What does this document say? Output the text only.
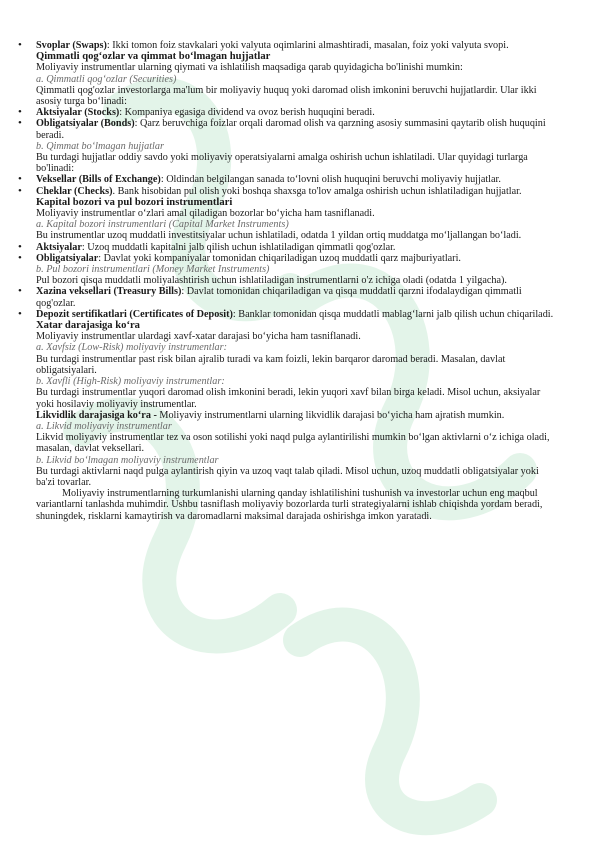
• Svoplar (Swaps): Ikki tomon foiz stavkalari yoki valyuta oqimlarini almashtiradi, masalan, foiz yoki valyuta svopi.
Qimmatli qog‘ozlar va qimmat bo‘lmagan hujjatlar
Moliyaviy instrumentlar ularning qiymati va ishlatilish maqsadiga qarab quyidagicha bo'linishi mumkin:
a. Qimmatli qog‘ozlar (Securities)
Qimmatli qog'ozlar investorlarga ma'lum bir moliyaviy huquq yoki daromad olish imkonini beruvchi hujjatlardir. Ular ikki asosiy turga bo‘linadi:
• Aktsiyalar (Stocks): Kompaniya egasiga dividend va ovoz berish huquqini beradi.
• Obligatsiyalar (Bonds): Qarz beruvchiga foizlar orqali daromad olish va qarzning asosiy summasini qaytarib olish huquqini beradi.
b. Qimmat bo‘lmagan hujjatlar
Bu turdagi hujjatlar oddiy savdo yoki moliyaviy operatsiyalarni amalga oshirish uchun ishlatiladi. Ular quyidagi turlarga bo'linadi:
• Veksellar (Bills of Exchange): Oldindan belgilangan sanada to‘lovni olish huquqini beruvchi moliyaviy hujjatlar.
• Cheklar (Checks). Bank hisobidan pul olish yoki boshqa shaxsga to'lov amalga oshirish uchun ishlatiladigan hujjatlar.
Kapital bozori va pul bozori instrumentlari
Moliyaviy instrumentlar o‘zlari amal qiladigan bozorlar bo‘yicha ham tasniflanadi.
a. Kapital bozori instrumentlari (Capital Market Instruments)
Bu instrumentlar uzoq muddatli investitsiyalar uchun ishlatiladi, odatda 1 yildan ortiq muddatga mo‘ljallangan bo‘ladi.
• Aktsiyalar: Uzoq muddatli kapitalni jalb qilish uchun ishlatiladigan qimmatli qog'ozlar.
• Obligatsiyalar: Davlat yoki kompaniyalar tomonidan chiqariladigan uzoq muddatli qarz majburiyatlari.
b. Pul bozori instrumentlari (Money Market Instruments)
Pul bozori qisqa muddatli moliyalashtirish uchun ishlatiladigan instrumentlarni o'z ichiga oladi (odatda 1 yilgacha).
• Xazina veksellari (Treasury Bills): Davlat tomonidan chiqariladigan va qisqa muddatli qarzni ifodalaydigan qimmatli qog'ozlar.
• Depozit sertifikatlari (Certificates of Deposit): Banklar tomonidan qisqa muddatli mablag‘larni jalb qilish uchun chiqariladi.
Xatar darajasiga ko‘ra
Moliyaviy instrumentlar ulardagi xavf-xatar darajasi bo‘yicha ham tasniflanadi.
a. Xavfsiz (Low-Risk) moliyaviy instrumentlar:
Bu turdagi instrumentlar past risk bilan ajralib turadi va kam foizli, lekin barqaror daromad beradi. Masalan, davlat obligatsiyalari.
b. Xavfli (High-Risk) moliyaviy instrumentlar:
Bu turdagi instrumentlar yuqori daromad olish imkonini beradi, lekin yuqori xavf bilan birga keladi. Misol uchun, aksiyalar yoki hosilaviy moliyaviy instrumentlar.
Likvidlik darajasiga ko‘ra - Moliyaviy instrumentlarni ularning likvidlik darajasi bo‘yicha ham ajratish mumkin.
a. Likvid moliyaviy instrumentlar
Likvid moliyaviy instrumentlar tez va oson sotilishi yoki naqd pulga aylantirilishi mumkin bo‘lgan aktivlarni o‘z ichiga oladi, masalan, davlat veksellari.
b. Likvid bo‘lmagan moliyaviy instrumentlar
Bu turdagi aktivlarni naqd pulga aylantirish qiyin va uzoq vaqt talab qiladi. Misol uchun, uzoq muddatli obligatsiyalar yoki ba'zi tovarlar.
Moliyaviy instrumentlarning turkumlanishi ularning qanday ishlatilishini tushunish va investorlar uchun eng maqbul variantlarni tanlashda muhimdir. Ushbu tasniflash moliyaviy bozorlarda turli strategiyalarni ishlab chiqishda yordam beradi, shuningdek, risklarni kamaytirish va daromadlarni maksimal darajada oshirishga imkon yaratadi.
